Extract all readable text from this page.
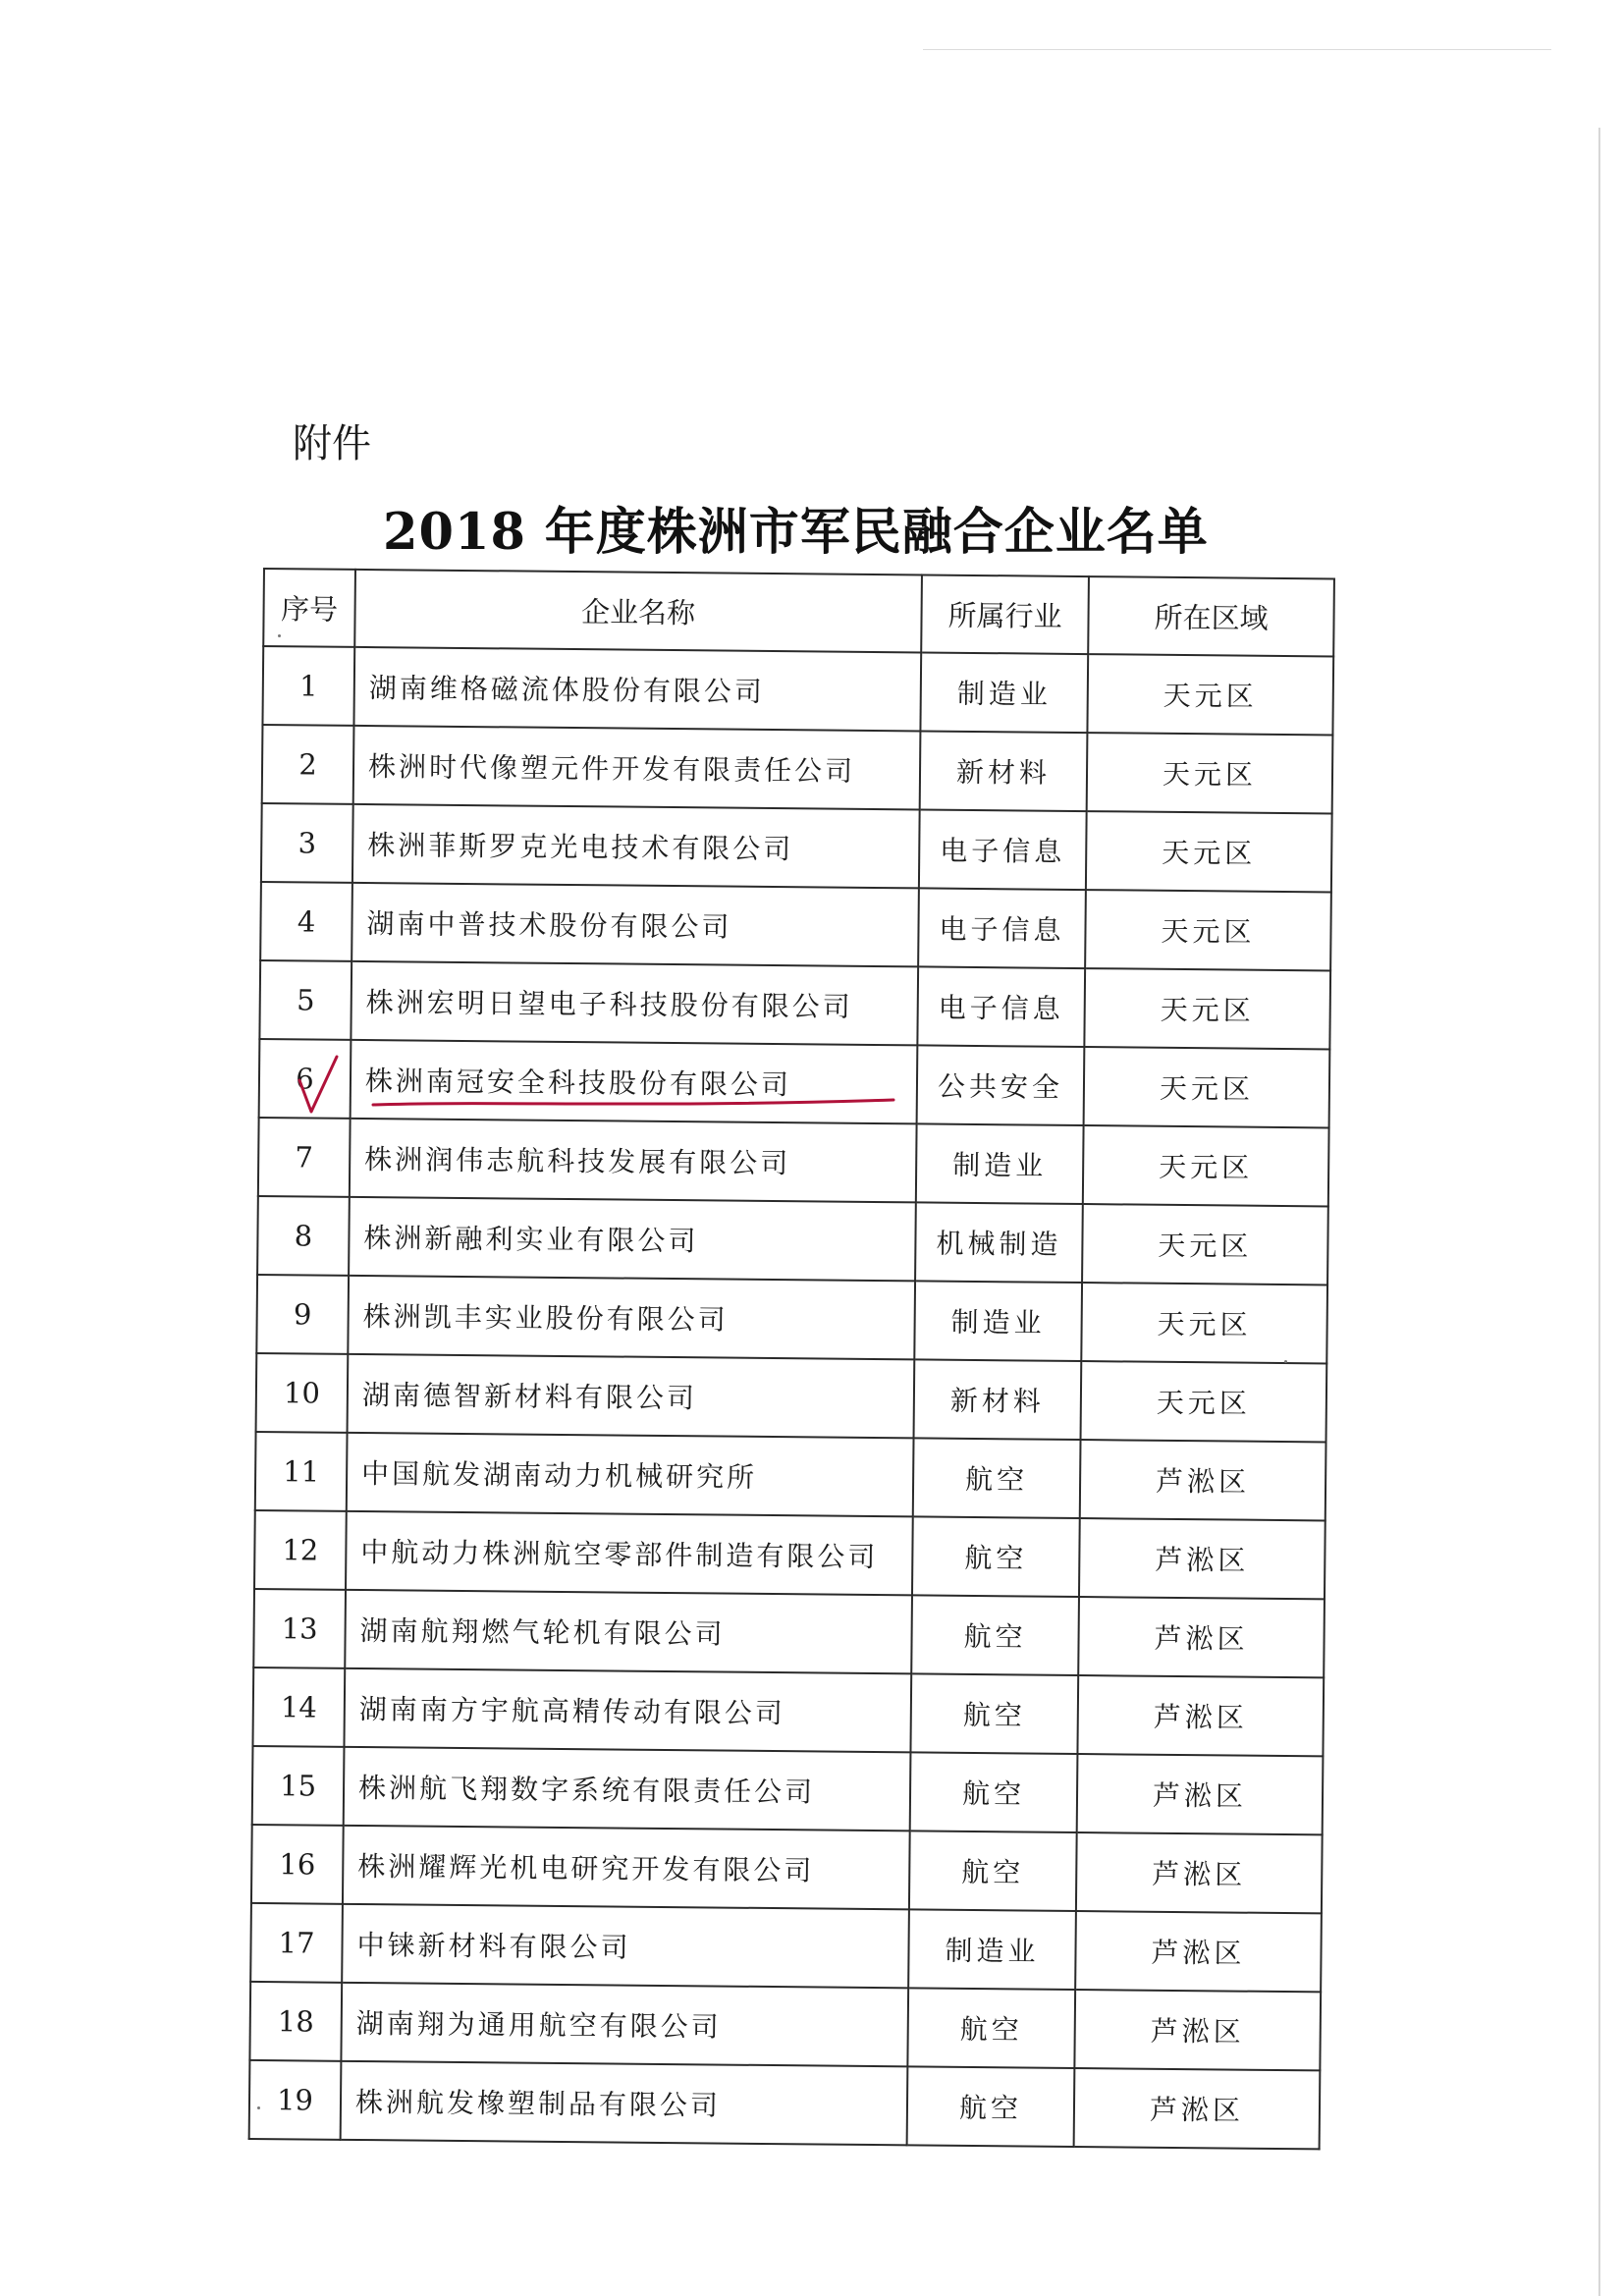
附件
2018 年度株洲市军民融合企业名单
序号	企业名称	所属行业	所在区域
1	湖南维格磁流体股份有限公司	制造业	天元区
2	株洲时代像塑元件开发有限责任公司	新材料	天元区
3	株洲菲斯罗克光电技术有限公司	电子信息	天元区
4	湖南中普技术股份有限公司	电子信息	天元区
5	株洲宏明日望电子科技股份有限公司	电子信息	天元区
6	株洲南冠安全科技股份有限公司	公共安全	天元区
7	株洲润伟志航科技发展有限公司	制造业	天元区
8	株洲新融利实业有限公司	机械制造	天元区
9	株洲凯丰实业股份有限公司	制造业	天元区
10	湖南德智新材料有限公司	新材料	天元区
11	中国航发湖南动力机械研究所	航空	芦淞区
12	中航动力株洲航空零部件制造有限公司	航空	芦淞区
13	湖南航翔燃气轮机有限公司	航空	芦淞区
14	湖南南方宇航高精传动有限公司	航空	芦淞区
15	株洲航飞翔数字系统有限责任公司	航空	芦淞区
16	株洲耀辉光机电研究开发有限公司	航空	芦淞区
17	中铼新材料有限公司	制造业	芦淞区
18	湖南翔为通用航空有限公司	航空	芦淞区
19	株洲航发橡塑制品有限公司	航空	芦淞区
